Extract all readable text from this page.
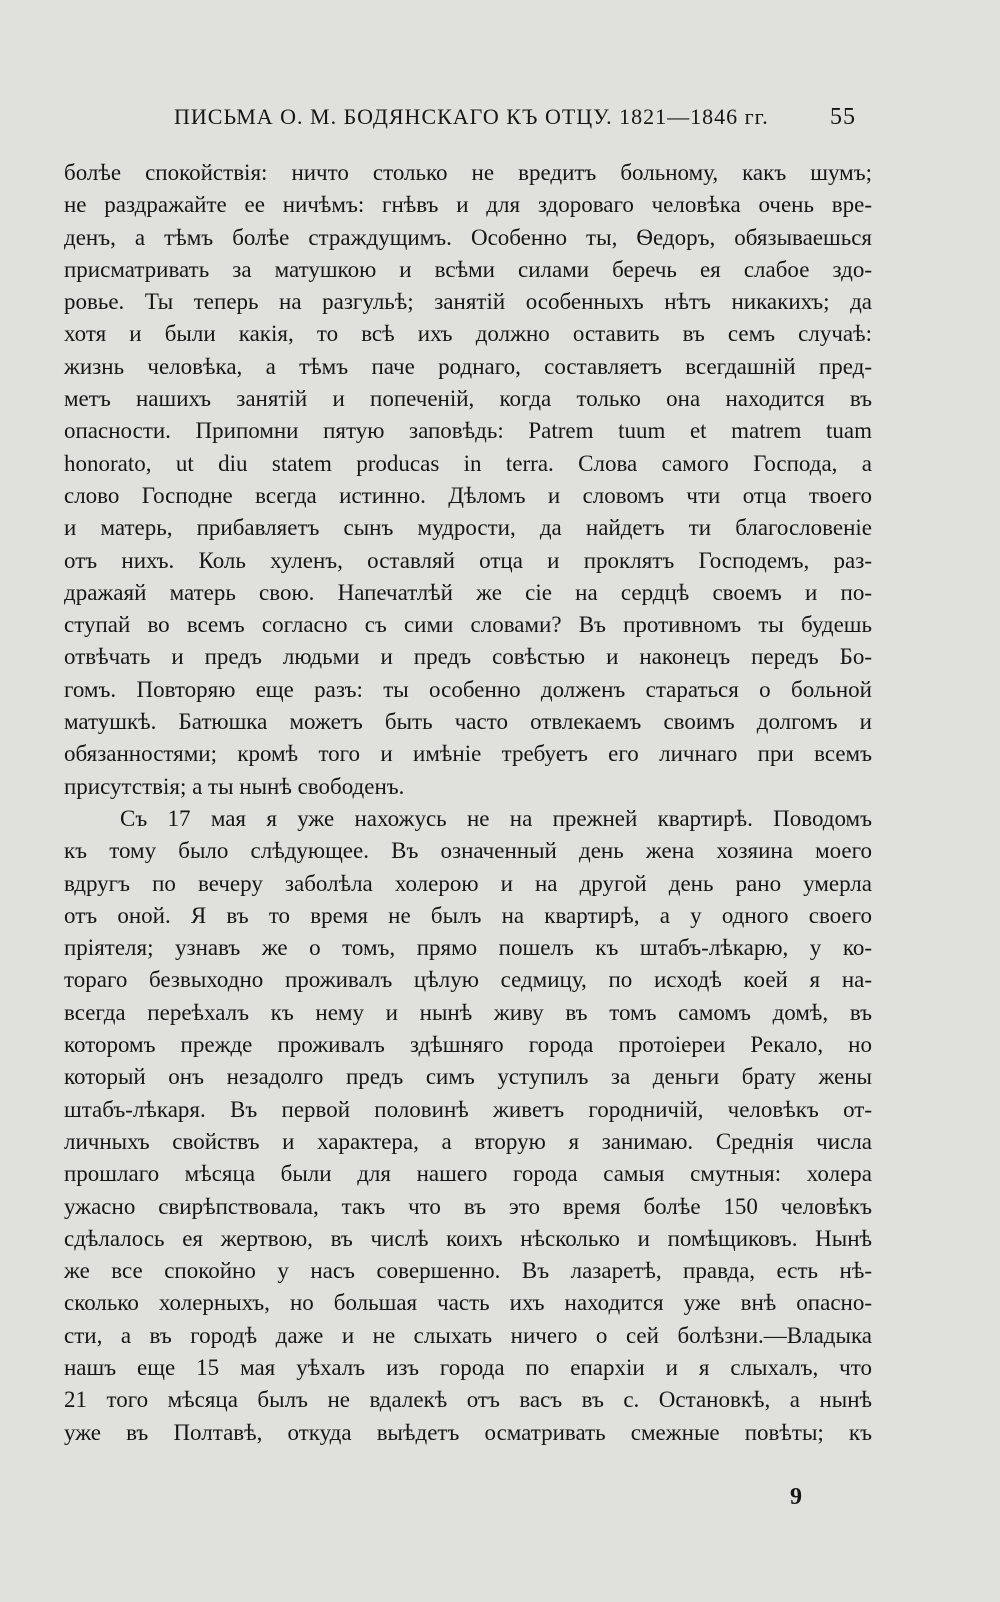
ПИСЬМА О. М. БОДЯНСКАГО КЪ ОТЦУ. 1821—1846 гг.	55
болѣе спокойствія: ничто столько не вредитъ больному, какъ шумъ;
не раздражайте ее ничѣмъ: гнѣвъ и для здороваго человѣка очень вре-
денъ, а тѣмъ болѣе страждущимъ. Особенно ты, Ѳедоръ, обязываешься
присматривать за матушкою и всѣми силами беречь ея слабое здо-
ровье. Ты теперь на разгульѣ; занятій особенныхъ нѣтъ никакихъ; да
хотя и были какія, то всѣ ихъ должно оставить въ семъ случаѣ:
жизнь человѣка, а тѣмъ паче роднаго, составляетъ всегдашній пред-
метъ нашихъ занятій и попеченій, когда только она находится въ
опасности. Припомни пятую заповѣдь: Patrem tuum et matrem tuam
honorato, ut diu statem producas in terra. Слова самого Господа, а
слово Господне всегда истинно. Дѣломъ и словомъ чти отца твоего
и матерь, прибавляетъ сынъ мудрости, да найдетъ ти благословеніе
отъ нихъ. Коль хуленъ, оставляй отца и проклятъ Господемъ, раз-
дражаяй матерь свою. Напечатлѣй же сіе на сердцѣ своемъ и по-
ступай во всемъ согласно съ сими словами? Въ противномъ ты будешь
отвѣчать и предъ людьми и предъ совѣстью и наконецъ передъ Бо-
гомъ. Повторяю еще разъ: ты особенно долженъ стараться о больной
матушкѣ. Батюшка можетъ быть часто отвлекаемъ своимъ долгомъ и
обязанностями; кромѣ того и имѣніе требуетъ его личнаго при всемъ
присутствія; а ты нынѣ свободенъ.
Съ 17 мая я уже нахожусь не на прежней квартирѣ. Поводомъ
къ тому было слѣдующее. Въ означенный день жена хозяина моего
вдругъ по вечеру заболѣла холерою и на другой день рано умерла
отъ оной. Я въ то время не былъ на квартирѣ, а у одного своего
пріятеля; узнавъ же о томъ, прямо пошелъ къ штабъ-лѣкарю, у ко-
тораго безвыходно проживалъ цѣлую седмицу, по исходѣ коей я на-
всегда переѣхалъ къ нему и нынѣ живу въ томъ самомъ домѣ, въ
которомъ прежде проживалъ здѣшняго города протоіереи Рекало, но
который онъ незадолго предъ симъ уступилъ за деньги брату жены
штабъ-лѣкаря. Въ первой половинѣ живетъ городничій, человѣкъ от-
личныхъ свойствъ и характера, а вторую я занимаю. Среднія числа
прошлаго мѣсяца были для нашего города самыя смутныя: холера
ужасно свирѣпствовала, такъ что въ это время болѣе 150 человѣкъ
сдѣлалось ея жертвою, въ числѣ коихъ нѣсколько и помѣщиковъ. Нынѣ
же все спокойно у насъ совершенно. Въ лазаретѣ, правда, есть нѣ-
сколько холерныхъ, но большая часть ихъ находится уже внѣ опасно-
сти, а въ городѣ даже и не слыхать ничего о сей болѣзни.—Владыка
нашъ еще 15 мая уѣхалъ изъ города по епархіи и я слыхалъ, что
21 того мѣсяца былъ не вдалекѣ отъ васъ въ с. Остановкѣ, а нынѣ
уже въ Полтавѣ, откуда выѣдетъ осматривать смежные повѣты; къ
9
